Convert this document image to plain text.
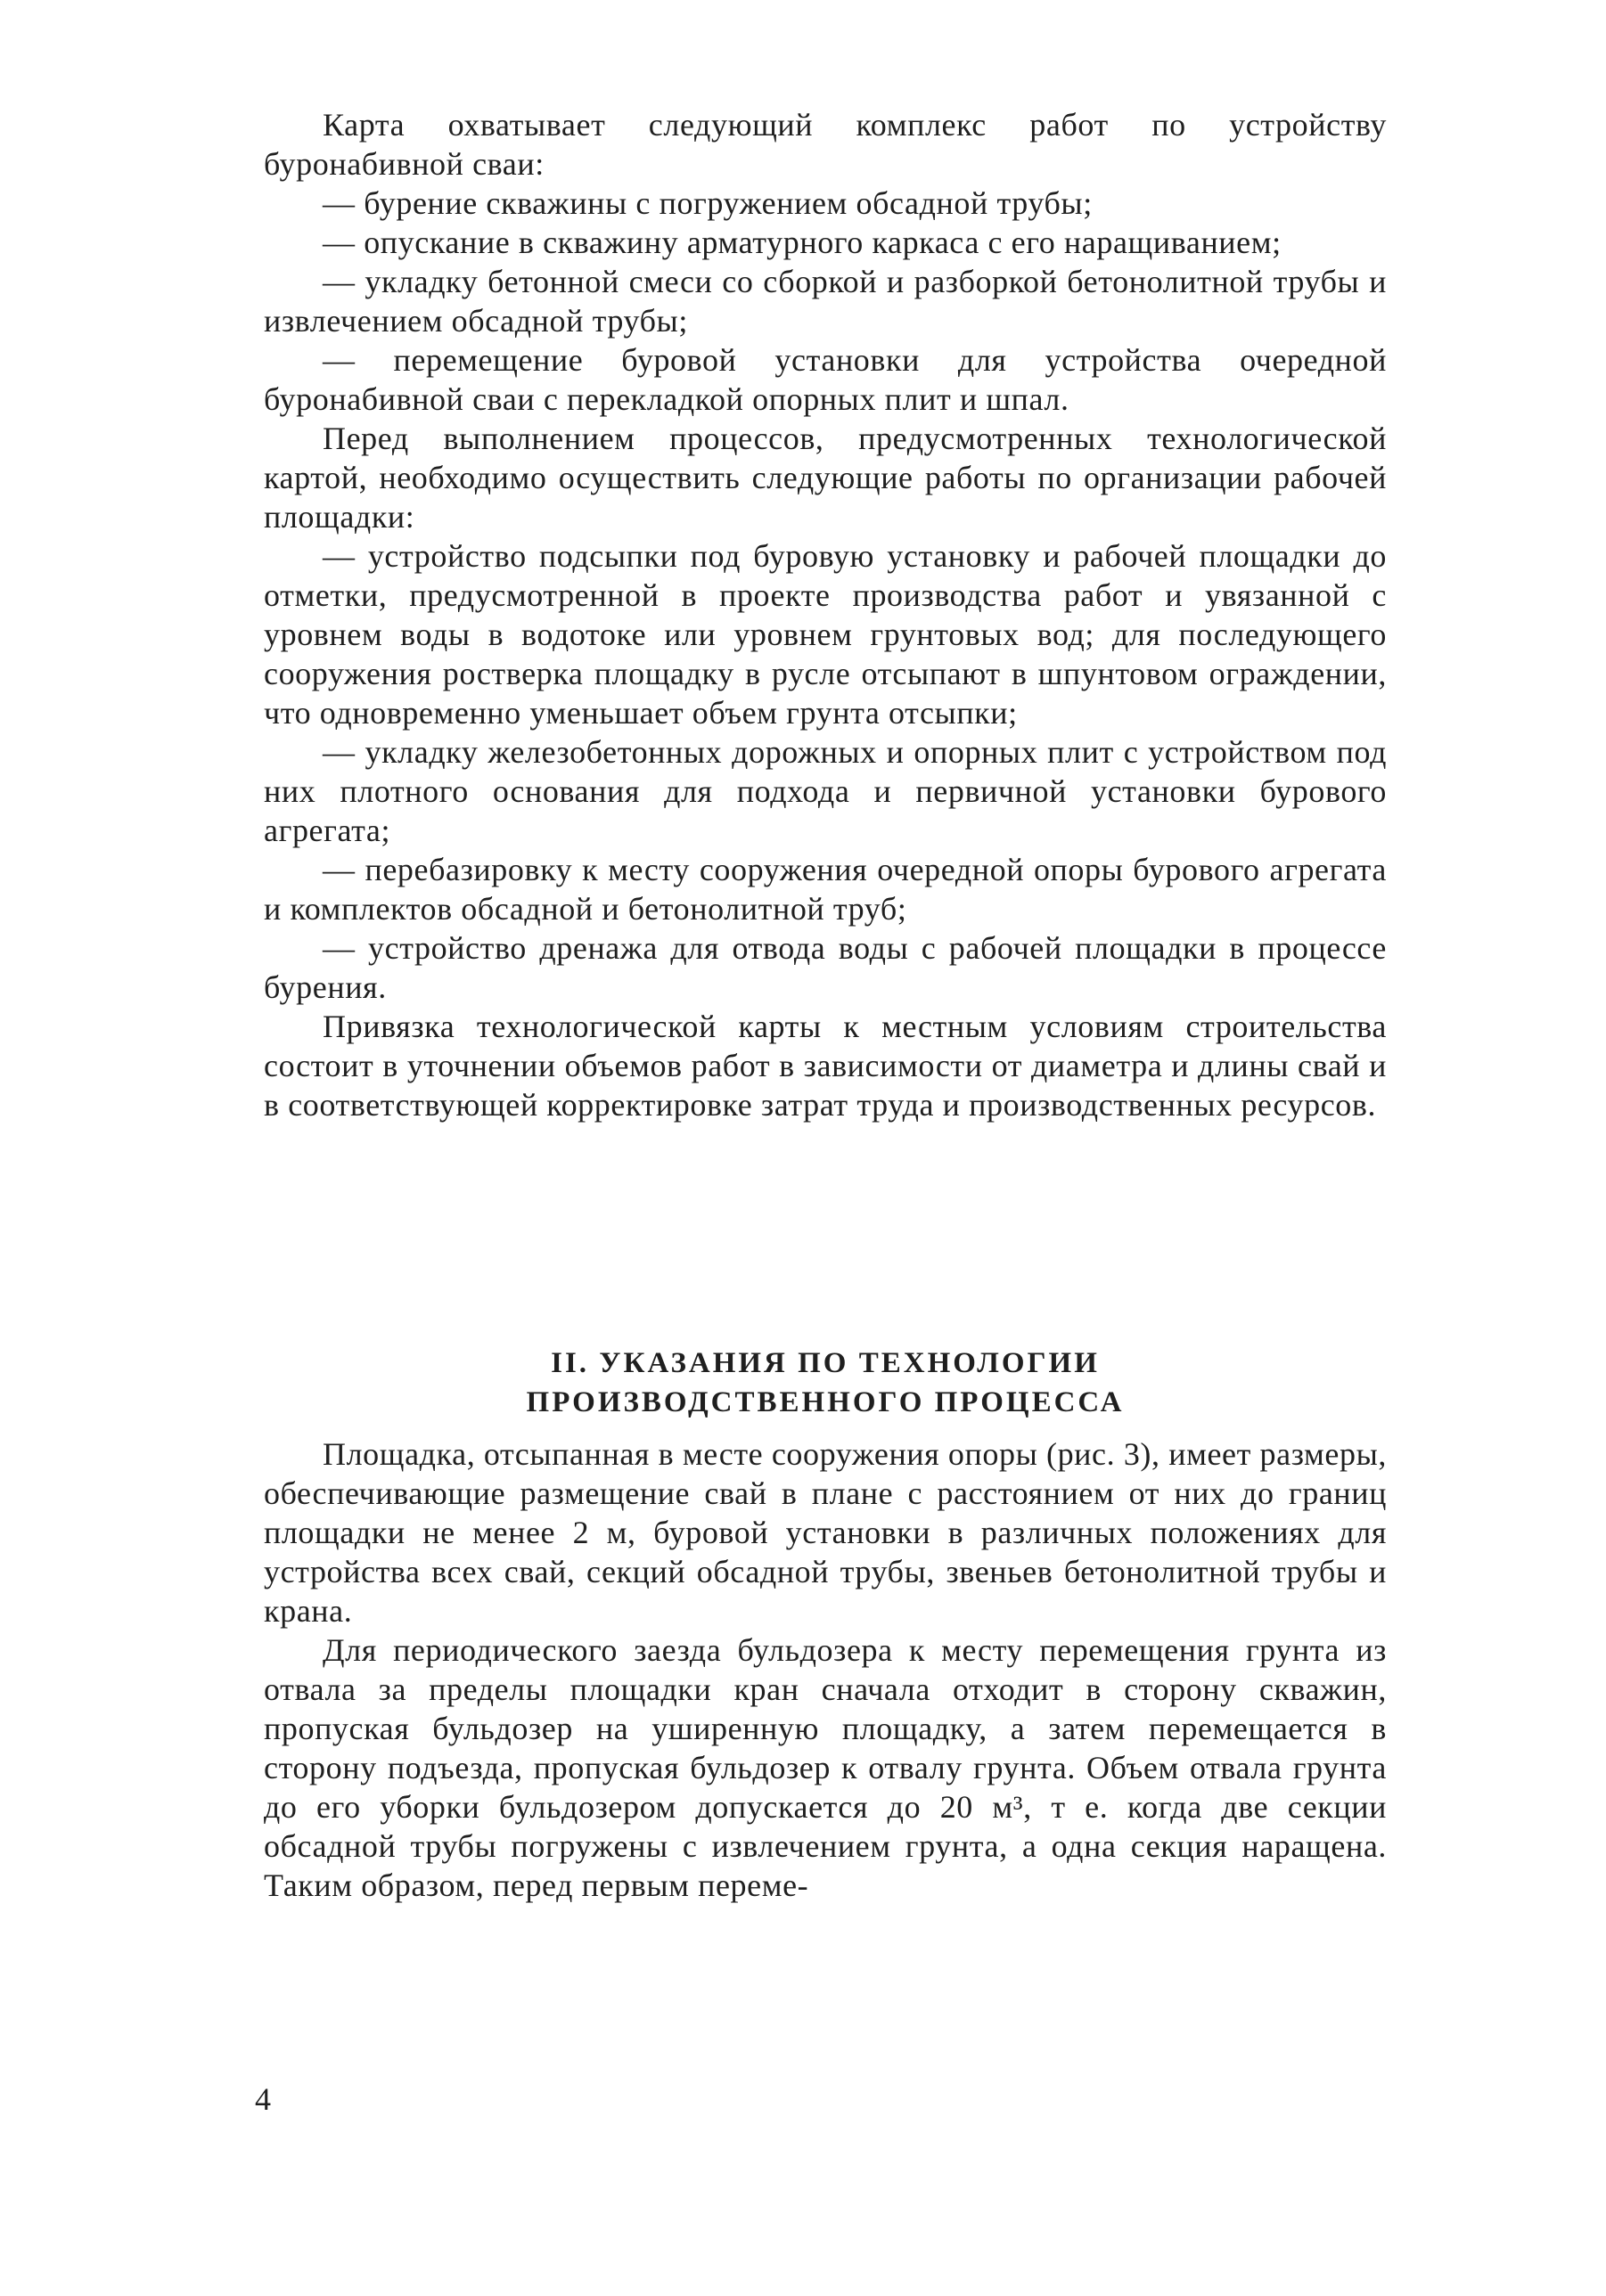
Карта охватывает следующий комплекс работ по устройству буронабивной сваи:

— бурение скважины с погружением обсадной трубы;

— опускание в скважину арматурного каркаса с его наращиванием;

— укладку бетонной смеси со сборкой и разборкой бетонолитной трубы и извлечением обсадной трубы;

— перемещение буровой установки для устройства очередной буронабивной сваи с перекладкой опорных плит и шпал.

Перед выполнением процессов, предусмотренных технологической картой, необходимо осуществить следующие работы по организации рабочей площадки:

— устройство подсыпки под буровую установку и рабочей площадки до отметки, предусмотренной в проекте производства работ и увязанной с уровнем воды в водотоке или уровнем грунтовых вод; для последующего сооружения ростверка площадку в русле отсыпают в шпунтовом ограждении, что одновременно уменьшает объем грунта отсыпки;

— укладку железобетонных дорожных и опорных плит с устройством под них плотного основания для подхода и первичной установки бурового агрегата;

— перебазировку к месту сооружения очередной опоры бурового агрегата и комплектов обсадной и бетонолитной труб;

— устройство дренажа для отвода воды с рабочей площадки в процессе бурения.

Привязка технологической карты к местным условиям строительства состоит в уточнении объемов работ в зависимости от диаметра и длины свай и в соответствующей корректировке затрат труда и производственных ресурсов.

II. УКАЗАНИЯ ПО ТЕХНОЛОГИИ
ПРОИЗВОДСТВЕННОГО ПРОЦЕССА

Площадка, отсыпанная в месте сооружения опоры (рис. 3), имеет размеры, обеспечивающие размещение свай в плане с расстоянием от них до границ площадки не менее 2 м, буровой установки в различных положениях для устройства всех свай, секций обсадной трубы, звеньев бетонолитной трубы и крана.

Для периодического заезда бульдозера к месту перемещения грунта из отвала за пределы площадки кран сначала отходит в сторону скважин, пропуская бульдозер на уширенную площадку, а затем перемещается в сторону подъезда, пропуская бульдозер к отвалу грунта. Объем отвала грунта до его уборки бульдозером допускается до 20 м³, т е. когда две секции обсадной трубы погружены с извлечением грунта, а одна секция наращена. Таким образом, перед первым переме-

4
